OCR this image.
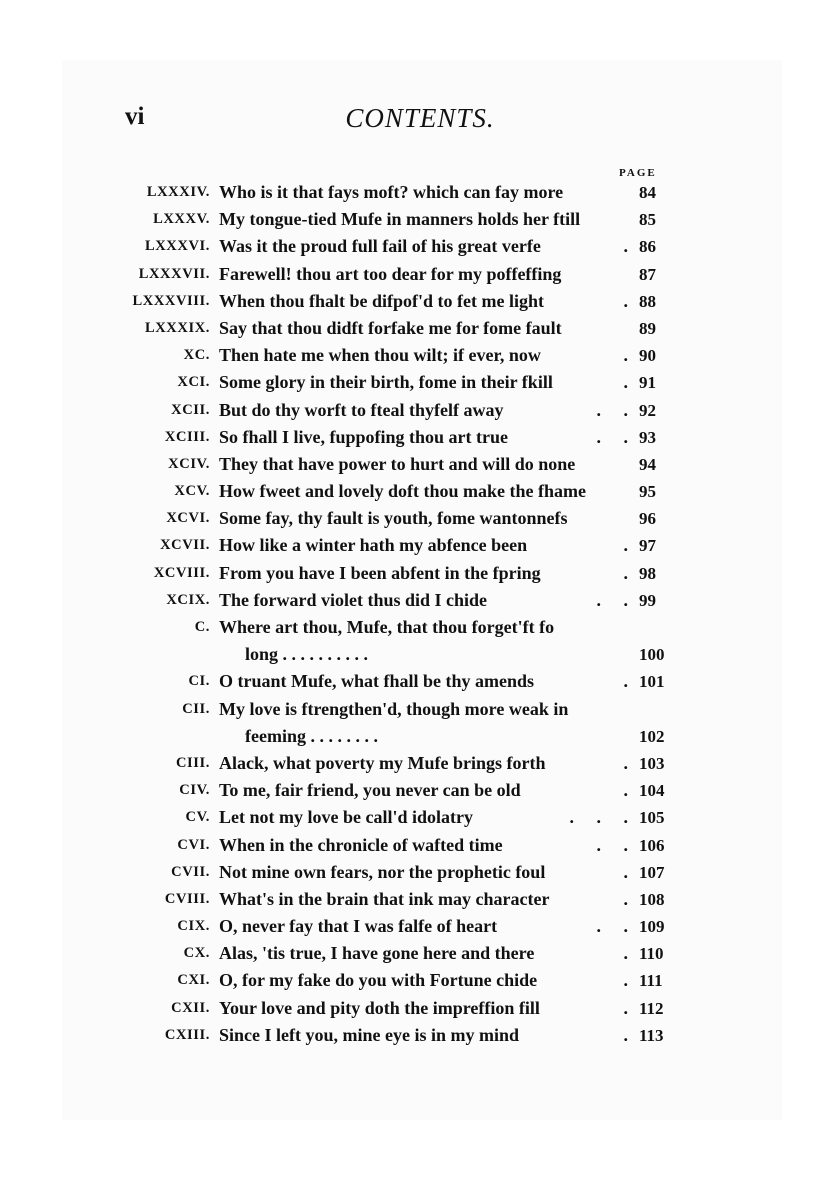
vi	CONTENTS.
PAGE
LXXXIV. Who is it that fays moft? which can fay more	84
LXXXV. My tongue-tied Mufe in manners holds her ftill	85
LXXXVI. Was it the proud full fail of his great verfe	. 86
LXXXVII. Farewell! thou art too dear for my poffeffing	87
LXXXVIII. When thou fhalt be difpof'd to fet me light	. 88
LXXXIX. Say that thou didft forfake me for fome fault	89
XC. Then hate me when thou wilt; if ever, now	. 90
XCI. Some glory in their birth, fome in their fkill	. 91
XCII. But do thy worft to fteal thyfelf away	.     . 92
XCIII. So fhall I live, fuppofing thou art true	.     . 93
XCIV. They that have power to hurt and will do none	94
XCV. How fweet and lovely doft thou make the fhame	95
XCVI. Some fay, thy fault is youth, fome wantonnefs	96
XCVII. How like a winter hath my abfence been	. 97
XCVIII. From you have I been abfent in the fpring	. 98
XCIX. The forward violet thus did I chide	.     . 99
C. Where art thou, Mufe, that thou forget'ft fo
long . . . . . . . . . .	100
CI. O truant Mufe, what fhall be thy amends	. 101
CII. My love is ftrengthen'd, though more weak in
feeming . . . . . . . .	102
CIII. Alack, what poverty my Mufe brings forth	. 103
CIV. To me, fair friend, you never can be old	. 104
CV. Let not my love be call'd idolatry	.     .     . 105
CVI. When in the chronicle of wafted time	.     . 106
CVII. Not mine own fears, nor the prophetic foul	. 107
CVIII. What's in the brain that ink may character	. 108
CIX. O, never fay that I was falfe of heart	.     . 109
CX. Alas, 'tis true, I have gone here and there	. 110
CXI. O, for my fake do you with Fortune chide	. 111
CXII. Your love and pity doth the impreffion fill	. 112
CXIII. Since I left you, mine eye is in my mind	. 113
